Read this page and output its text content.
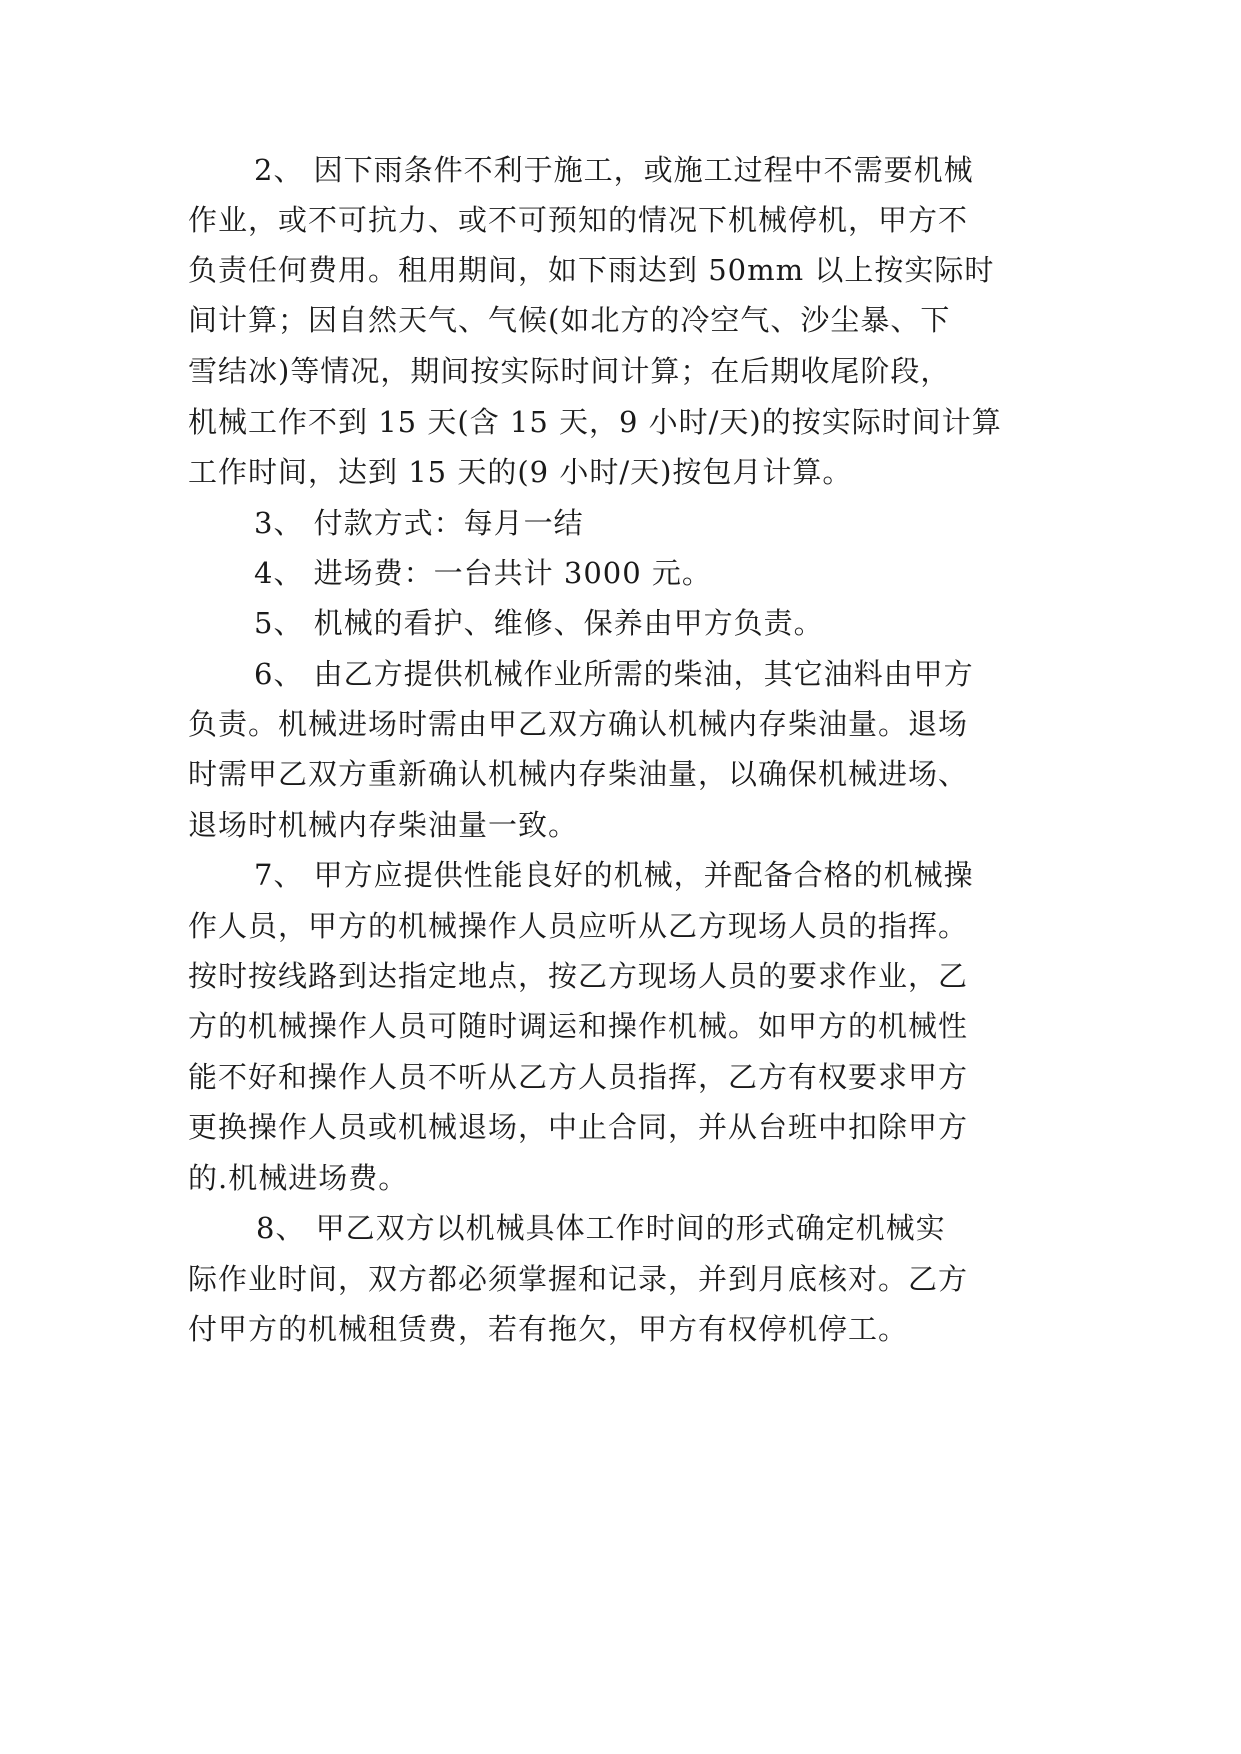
2、 因下雨条件不利于施工，或施工过程中不需要机械
作业，或不可抗力、或不可预知的情况下机械停机，甲方不
负责任何费用。租用期间，如下雨达到 50mm 以上按实际时
间计算；因自然天气、气候(如北方的冷空气、沙尘暴、下
雪结冰)等情况，期间按实际时间计算；在后期收尾阶段，
机械工作不到 15 天(含 15 天，9 小时/天)的按实际时间计算
工作时间，达到 15 天的(9 小时/天)按包月计算。
3、 付款方式：每月一结
4、 进场费：一台共计 3000 元。
5、 机械的看护、维修、保养由甲方负责。
6、 由乙方提供机械作业所需的柴油，其它油料由甲方
负责。机械进场时需由甲乙双方确认机械内存柴油量。退场
时需甲乙双方重新确认机械内存柴油量，以确保机械进场、
退场时机械内存柴油量一致。
7、 甲方应提供性能良好的机械，并配备合格的机械操
作人员，甲方的机械操作人员应听从乙方现场人员的指挥。
按时按线路到达指定地点，按乙方现场人员的要求作业，乙
方的机械操作人员可随时调运和操作机械。如甲方的机械性
能不好和操作人员不听从乙方人员指挥，乙方有权要求甲方
更换操作人员或机械退场，中止合同，并从台班中扣除甲方
的.机械进场费。
8、 甲乙双方以机械具体工作时间的形式确定机械实
际作业时间，双方都必须掌握和记录，并到月底核对。乙方
付甲方的机械租赁费，若有拖欠，甲方有权停机停工。
